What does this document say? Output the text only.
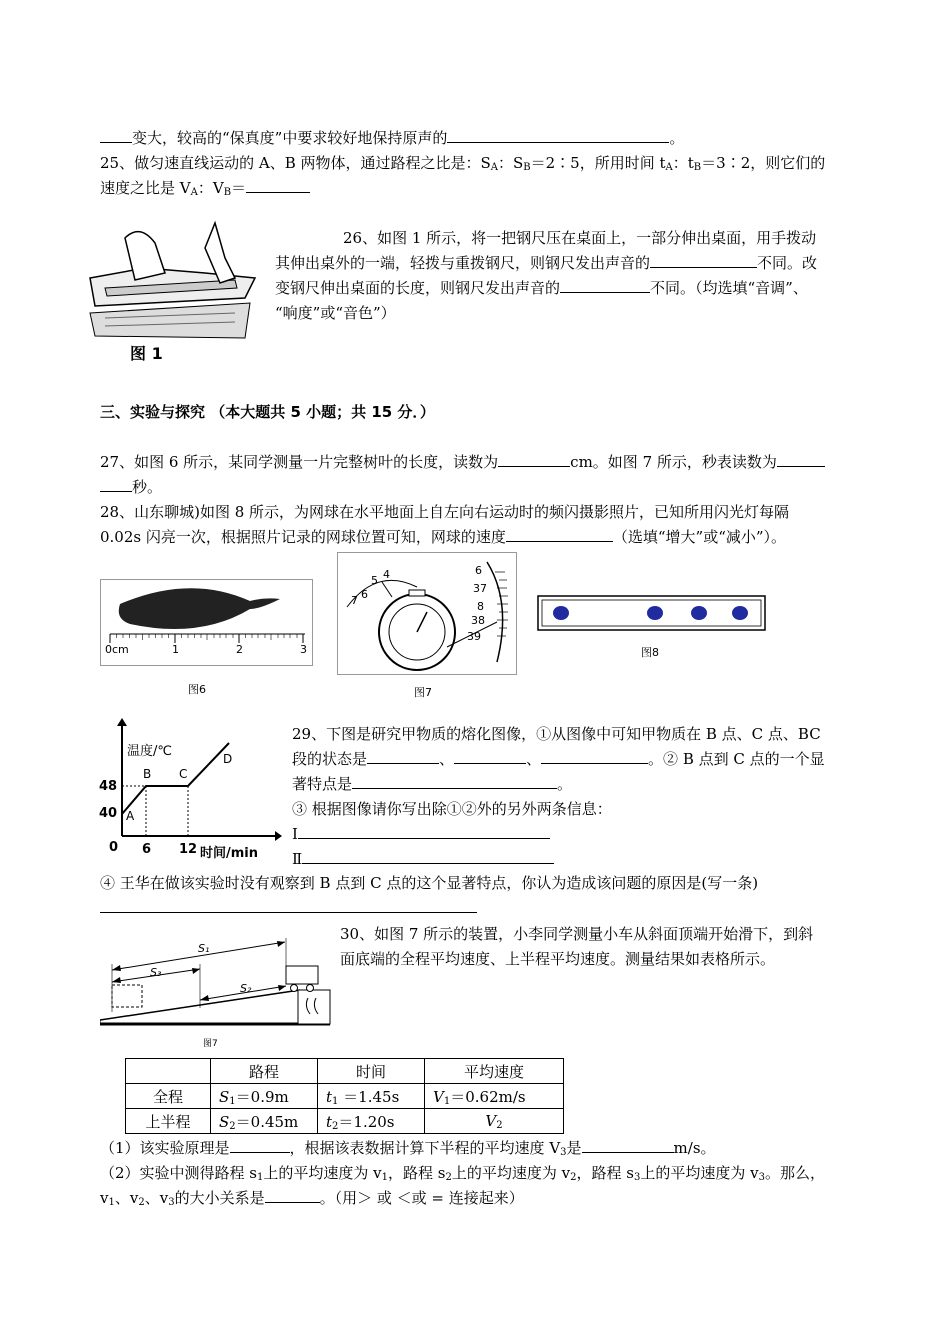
变大，较高的“保真度”中要求较好地保持原声的	。
25、做匀速直线运动的 A、B 两物体，通过路程之比是：$S_A$：$S_B=2∶5$，所用时间 $t_A$：$t_B=3∶2$，则它们的
速度之比是 $V_A$：$V_B=$
图 1
26、如图 1 所示，将一把钢尺压在桌面上，一部分伸出桌面，用手拨动
其伸出桌外的一端，轻拨与重拨钢尺，则钢尺发出声音的	不同。改
变钢尺伸出桌面的长度，则钢尺发出声音的	不同。（均选填“音调”、
“响度”或“音色”）
三、实验与探究 （本大题共 5 小题；共 15 分．）
27、如图 6 所示，某同学测量一片完整树叶的长度，读数为	cm。如图 7 所示，秒表读数为
秒。
28、山东聊城)如图 8 所示，为网球在水平地面上自左向右运动时的频闪摄影照片，已知所用闪光灯每隔
0.02s 闪亮一次，根据照片记录的网球位置可知，网球的速度	（选填“增大”或“减小”）。
0cm	1	2	3
图6
7 6
5 4	6
37
8
38
39
图7
图8
温度/℃
48
40
0 6 12 时间/min
A
B C
D
29、下图是研究甲物质的熔化图像，①从图像中可知甲物质在 B 点、C 点、BC
段的状态是	、	、	。② B 点到 C 点的一个显
著特点是	。
③ 根据图像请你写出除①②外的另外两条信息：
Ⅰ
Ⅱ
④ 王华在做该实验时没有观察到 B 点到 C 点的这个显著特点，你认为造成该问题的原因是(写一条)
S₁
S₃
S₂
图7
30、如图 7 所示的装置，小李同学测量小车从斜面顶端开始滑下，到斜
面底端的全程平均速度、上半程平均速度。测量结果如表格所示。
	路程	时间	平均速度
全程	$S_1=0.9m$	$t_1 =1.45s$	$V_1=0.62m/s$
上半程	$S_2=0.45m$	$t_2=1.20s$	$V_2$
（1）该实验原理是	，根据该表数据计算下半程的平均速度 $V_3$是	m/s。
（2）实验中测得路程 $s_1$上的平均速度为 $v_1$，路程 $s_2$上的平均速度为 $v_2$，路程 $s_3$上的平均速度为 $v_3$。那么，
$v_1$、$v_2$、$v_3$的大小关系是	。（用＞ 或 ＜或 = 连接起来）
